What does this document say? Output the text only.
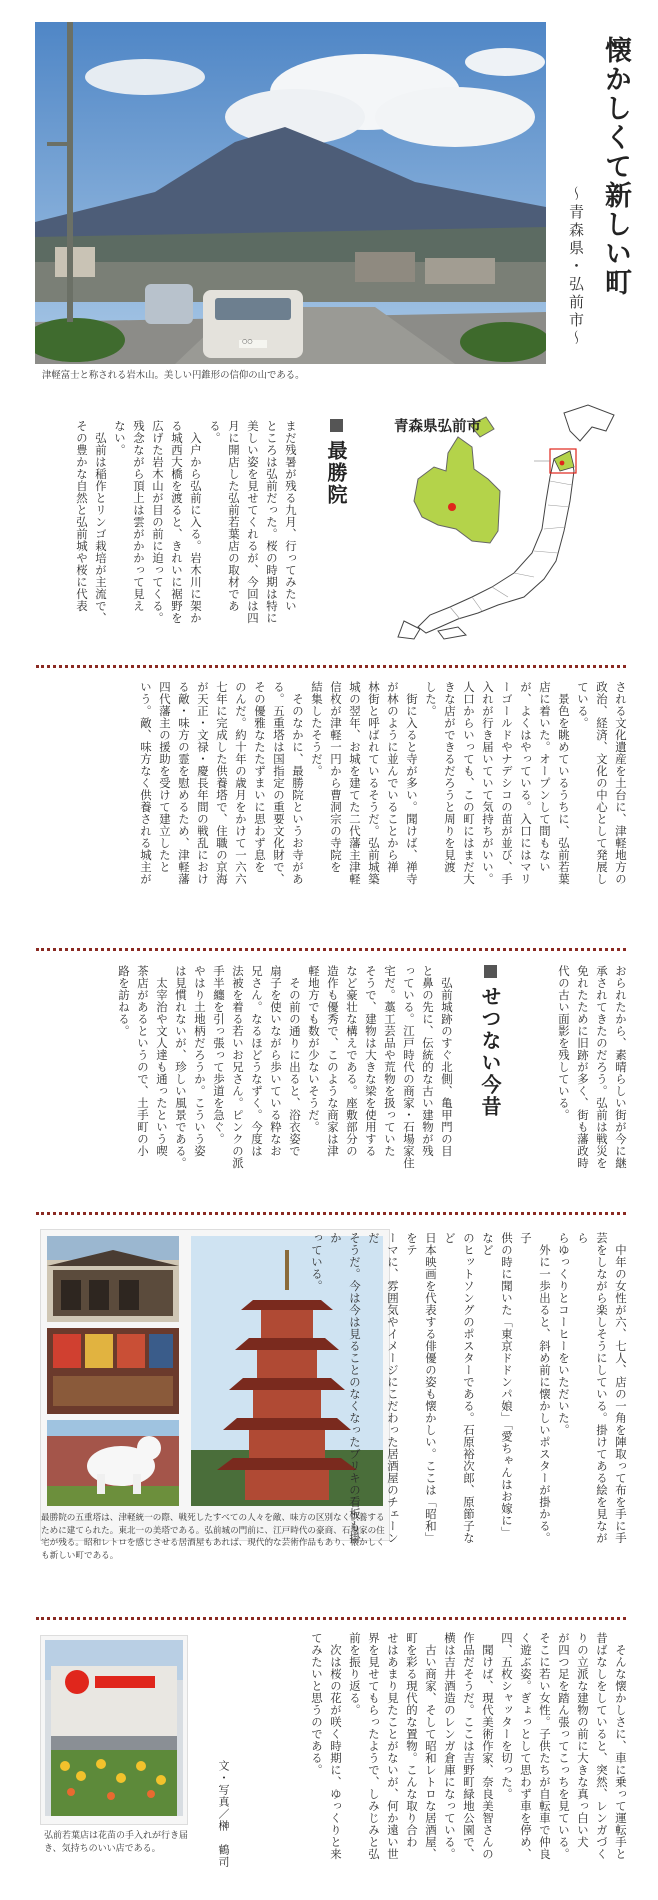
○○
津軽富士と称される岩木山。美しい円錐形の信仰の山である。
懐かしくて新しい町
〜青森県・弘前市〜
最勝院
まだ残暑が残る九月、行ってみたい
ところは弘前だった。桜の時期は特に
美しい姿を見せてくれるが、今回は四
月に開店した弘前若葉店の取材であ
る。
　入户から弘前に入る。岩木川に架か
る城西大橋を渡ると、きれいに裾野を
広げた岩木山が目の前に迫ってくる。
残念ながら頂上は雲がかかって見え
ない。
　弘前は稲作とリンゴ栽培が主流で、
その豊かな自然と弘前城や桜に代表	青森県弘前市
される文化遺産を土台に、津軽地方の
政治、経済、文化の中心として発展し
ている。
　景色を眺めているうちに、弘前若葉
店に着いた。オープンして間もない
が、よくはやっている。入口にはマリ
ーゴールドやナデシコの苗が並び、手
入れが行き届いていて気持ちがいい。
人口からいっても、この町にはまだ大
きな店ができるだろうと周りを見渡
した。
　街に入ると寺が多い。聞けば、禅寺
が林のように並んでいることから禅
林街と呼ばれているそうだ。弘前城築
城の翌年、お城を建てた二代藩主津軽
信枚が津軽一円から曹洞宗の寺院を
結集したそうだ。
　そのなかに、最勝院というお寺があ
る。五重塔は国指定の重要文化財で、
その優雅なたたずまいに思わず息を
のんだ。約十年の歳月をかけて一六六
七年に完成した供養塔で、住職の京海
が天正・文禄・慶長年間の戦乱におけ
る敵・味方の霊を慰めるため、津軽藩
四代藩主の援助を受けて建立したと
いう。敵、味方なく供養される城主が
おられたから、素晴らしい街が今に継
承されてきたのだろう。弘前は戦災を
免れたために旧跡が多く、街も藩政時
代の古い面影を残している。
せつない今昔
　弘前城跡のすぐ北側、亀甲門の目
と鼻の先に、伝統的な古い建物が残
っている。江戸時代の商家・石場家住
宅だ。藁工芸品や荒物を扱っていた
そうで、建物は大きな梁を使用する
など豪壮な構えである。座敷部分の
造作も優秀で、このような商家は津
軽地方でも数が少ないそうだ。
　その前の通りに出ると、浴衣姿で
扇子を使いながら歩いている粋なお
兄さん。なるほどうなずく。今度は
法被を着る若いお兄さん。ピンクの派
手半纏を引っ張って歩道を急ぐ。
やはり土地柄だろうか。こういう姿
は見慣れないが、珍しい風景である。
　太宰治や文人達も通ったという喫
茶店があるというので、土手町の小
路を訪ねる。
最勝院の五重塔は、津軽統一の際、戦死したすべての人々を敵、味方の区別なく供養するために建てられた。東北一の美塔である。弘前城の門前に、江戸時代の豪商、石場家の住宅が残る。昭和レトロを感じさせる居酒屋もあれば、現代的な芸術作品もあり、懐かしくも新しい町である。
　中年の女性が六、七人、店の一角を陣取って布を手に手
芸をしながら楽しそうにしている。掛けてある絵を見ながら
らゆっくりとコーヒーをいただいた。
　外に一歩出ると、斜め前に懐かしいポスターが掛かる。子
供の時に聞いた「東京ドドンパ娘」「愛ちゃんはお嫁に」など
のヒットソングのポスターである。石原裕次郎、原節子など
日本映画を代表する俳優の姿も懐かしい。ここは「昭和」をテ
ーマに、雰囲気やイメージにこだわった居酒屋のチェーンだ
そうだ。今は今は見ることのなくなったブリキの看板も掛か
っている。
弘前若葉店は花苗の手入れが行き届き、気持ちのいい店である。	　そんな懐かしさに、車に乗って運転手と
昔ばなしをしていると、突然、レンガづく
りの立派な建物の前に大きな真っ白い犬
が四つ足を踏ん張ってこっちを見ている。
そこに若い女性。子供たちが自転車で仲良
く遊ぶ姿。ぎょっとして思わず車を停め、
四、五枚シャッターを切った。
　聞けば、現代美術作家、奈良美智さんの
作品だそうだ。ここは吉野町緑地公園で、
横は吉井酒造のレンガ倉庫になっている。
　古い商家、そして昭和レトロな居酒屋、
町を彩る現代的な置物。こんな取り合わ
せはあまり見たことがないが、何か遠い世
界を見せてもらったようで、しみじみと弘
前を振り返る。
　次は桜の花が咲く時期に、ゆっくりと来
てみたいと思うのである。
文・写真／榊　鶴司
